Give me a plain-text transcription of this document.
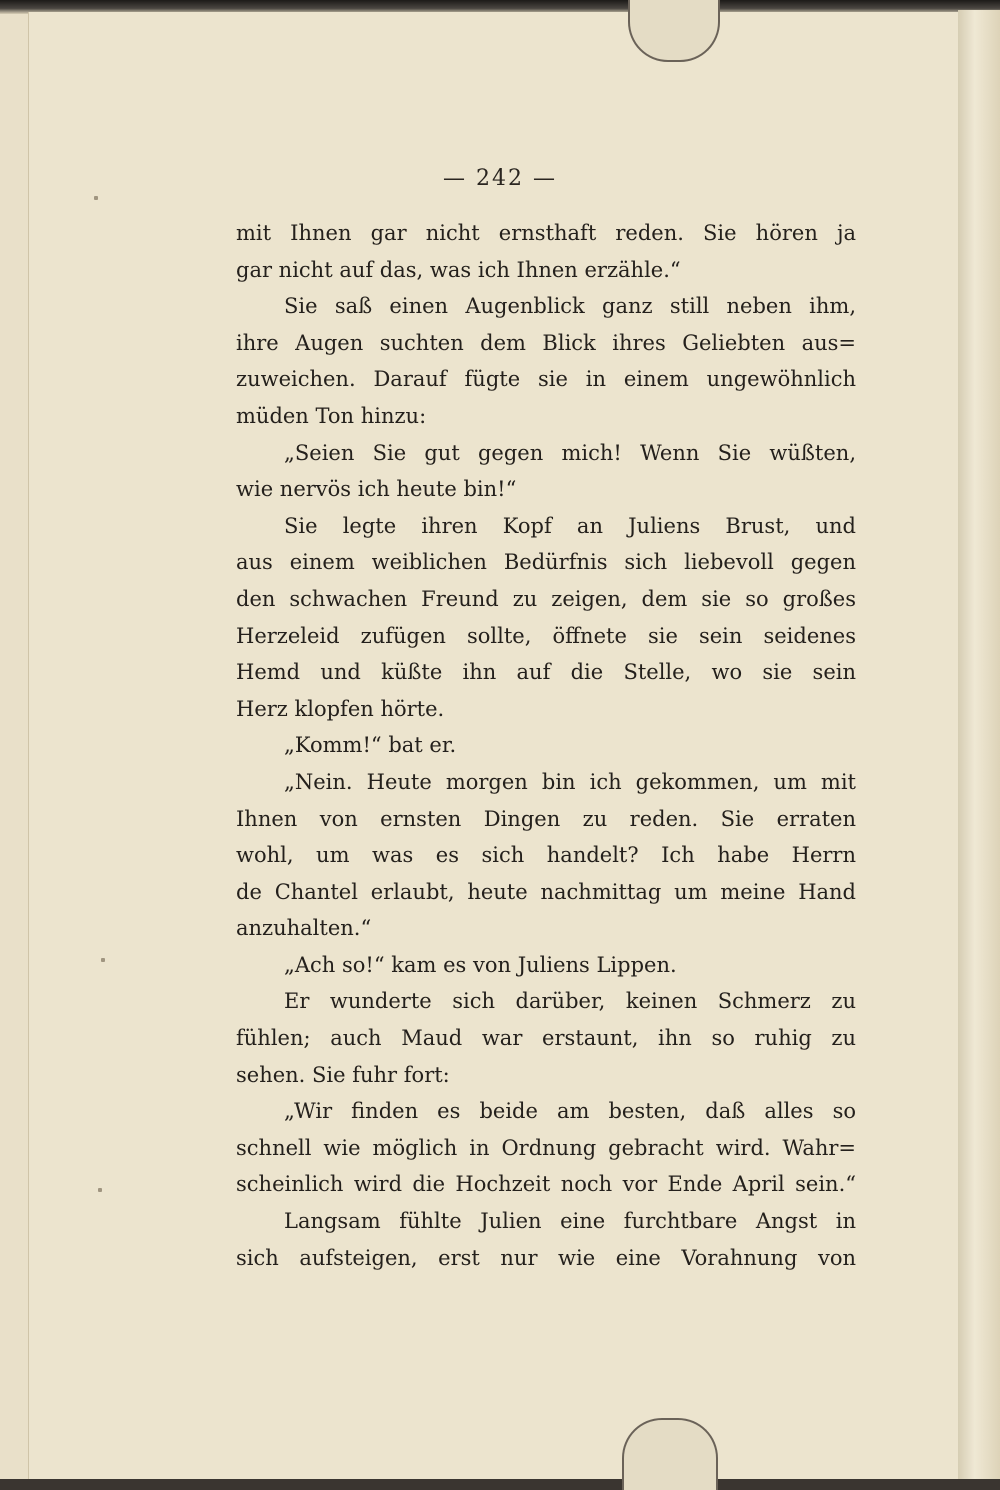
— 242 —
mit Ihnen gar nicht ernsthaft reden. Sie hören ja
gar nicht auf das, was ich Ihnen erzähle.“
Sie saß einen Augenblick ganz still neben ihm,
ihre Augen suchten dem Blick ihres Geliebten aus=
zuweichen. Darauf fügte sie in einem ungewöhnlich
müden Ton hinzu:
„Seien Sie gut gegen mich! Wenn Sie wüßten,
wie nervös ich heute bin!“
Sie legte ihren Kopf an Juliens Brust, und
aus einem weiblichen Bedürfnis sich liebevoll gegen
den schwachen Freund zu zeigen, dem sie so großes
Herzeleid zufügen sollte, öffnete sie sein seidenes
Hemd und küßte ihn auf die Stelle, wo sie sein
Herz klopfen hörte.
„Komm!“ bat er.
„Nein. Heute morgen bin ich gekommen, um mit
Ihnen von ernsten Dingen zu reden. Sie erraten
wohl, um was es sich handelt? Ich habe Herrn
de Chantel erlaubt, heute nachmittag um meine Hand
anzuhalten.“
„Ach so!“ kam es von Juliens Lippen.
Er wunderte sich darüber, keinen Schmerz zu
fühlen; auch Maud war erstaunt, ihn so ruhig zu
sehen. Sie fuhr fort:
„Wir finden es beide am besten, daß alles so
schnell wie möglich in Ordnung gebracht wird. Wahr=
scheinlich wird die Hochzeit noch vor Ende April sein.“
Langsam fühlte Julien eine furchtbare Angst in
sich aufsteigen, erst nur wie eine Vorahnung von
